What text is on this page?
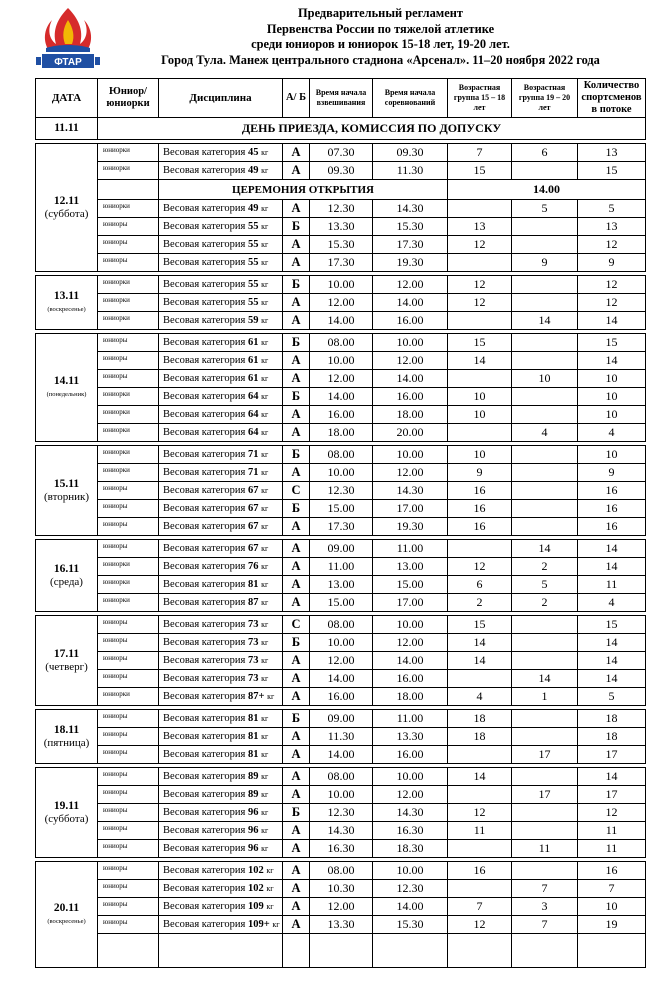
ФТАР
Предварительный регламент
Первенства России по тяжелой атлетике
среди юниоров и юниорок 15-18 лет, 19-20 лет.
Город Тула. Манеж центрального стадиона «Арсенал». 11–20 ноября 2022 года
ДАТА	Юниор/ юниорки	Дисциплина	А/ Б	Время начала взвешивания	Время начала соревнований	Возрастная группа 15 – 18 лет	Возрастная группа 19 – 20 лет	Количество спортсменов в потоке	
11.11	ДЕНЬ ПРИЕЗДА, КОМИССИЯ ПО ДОПУСКУ								

12.11
(суббота)	юниорки	Весовая категория 45 кг	А	07.30	09.30	7	6	13	
	юниорки	Весовая категория 49 кг	А	09.30	11.30	15		15	
		ЦЕРЕМОНИЯ ОТКРЫТИЯ				14.00			
	юниорки	Весовая категория 49 кг	А	12.30	14.30		5	5	
	юниоры	Весовая категория 55 кг	Б	13.30	15.30	13		13	
	юниоры	Весовая категория 55 кг	А	15.30	17.30	12		12	
	юниоры	Весовая категория 55 кг	А	17.30	19.30		9	9	

13.11
(воскресенье)	юниорки	Весовая категория 55 кг	Б	10.00	12.00	12		12	
	юниорки	Весовая категория 55 кг	А	12.00	14.00	12		12	
	юниорки	Весовая категория 59 кг	А	14.00	16.00		14	14	

14.11
(понедельник)	юниоры	Весовая категория 61 кг	Б	08.00	10.00	15		15	
	юниоры	Весовая категория 61 кг	А	10.00	12.00	14		14	
	юниоры	Весовая категория 61 кг	А	12.00	14.00		10	10	
	юниорки	Весовая категория 64 кг	Б	14.00	16.00	10		10	
	юниорки	Весовая категория 64 кг	А	16.00	18.00	10		10	
	юниорки	Весовая категория 64 кг	А	18.00	20.00		4	4	

15.11
(вторник)	юниорки	Весовая категория 71 кг	Б	08.00	10.00	10		10	
	юниорки	Весовая категория 71 кг	А	10.00	12.00	9		9	
	юниоры	Весовая категория 67 кг	С	12.30	14.30	16		16	
	юниоры	Весовая категория 67 кг	Б	15.00	17.00	16		16	
	юниоры	Весовая категория 67 кг	А	17.30	19.30	16		16	

16.11
(среда)	юниоры	Весовая категория 67 кг	А	09.00	11.00		14	14	
	юниорки	Весовая категория 76 кг	А	11.00	13.00	12	2	14	
	юниорки	Весовая категория 81 кг	А	13.00	15.00	6	5	11	
	юниорки	Весовая категория 87 кг	А	15.00	17.00	2	2	4	

17.11
(четверг)	юниоры	Весовая категория 73 кг	С	08.00	10.00	15		15	
	юниоры	Весовая категория 73 кг	Б	10.00	12.00	14		14	
	юниоры	Весовая категория 73 кг	А	12.00	14.00	14		14	
	юниоры	Весовая категория 73 кг	А	14.00	16.00		14	14	
	юниорки	Весовая категория 87+ кг	А	16.00	18.00	4	1	5	

18.11
(пятница)	юниоры	Весовая категория 81 кг	Б	09.00	11.00	18		18	
	юниоры	Весовая категория 81 кг	А	11.30	13.30	18		18	
	юниоры	Весовая категория 81 кг	А	14.00	16.00		17	17	

19.11
(суббота)	юниоры	Весовая категория 89 кг	А	08.00	10.00	14		14	
	юниоры	Весовая категория 89 кг	А	10.00	12.00		17	17	
	юниоры	Весовая категория 96 кг	Б	12.30	14.30	12		12	
	юниоры	Весовая категория 96 кг	А	14.30	16.30	11		11	
	юниоры	Весовая категория 96 кг	А	16.30	18.30		11	11	

20.11
(воскресенье)	юниоры	Весовая категория 102 кг	А	08.00	10.00	16		16	
	юниоры	Весовая категория 102 кг	А	10.30	12.30		7	7	
	юниоры	Весовая категория 109 кг	А	12.00	14.00	7	3	10	
	юниоры	Весовая категория 109+ кг	А	13.30	15.30	12	7	19	
